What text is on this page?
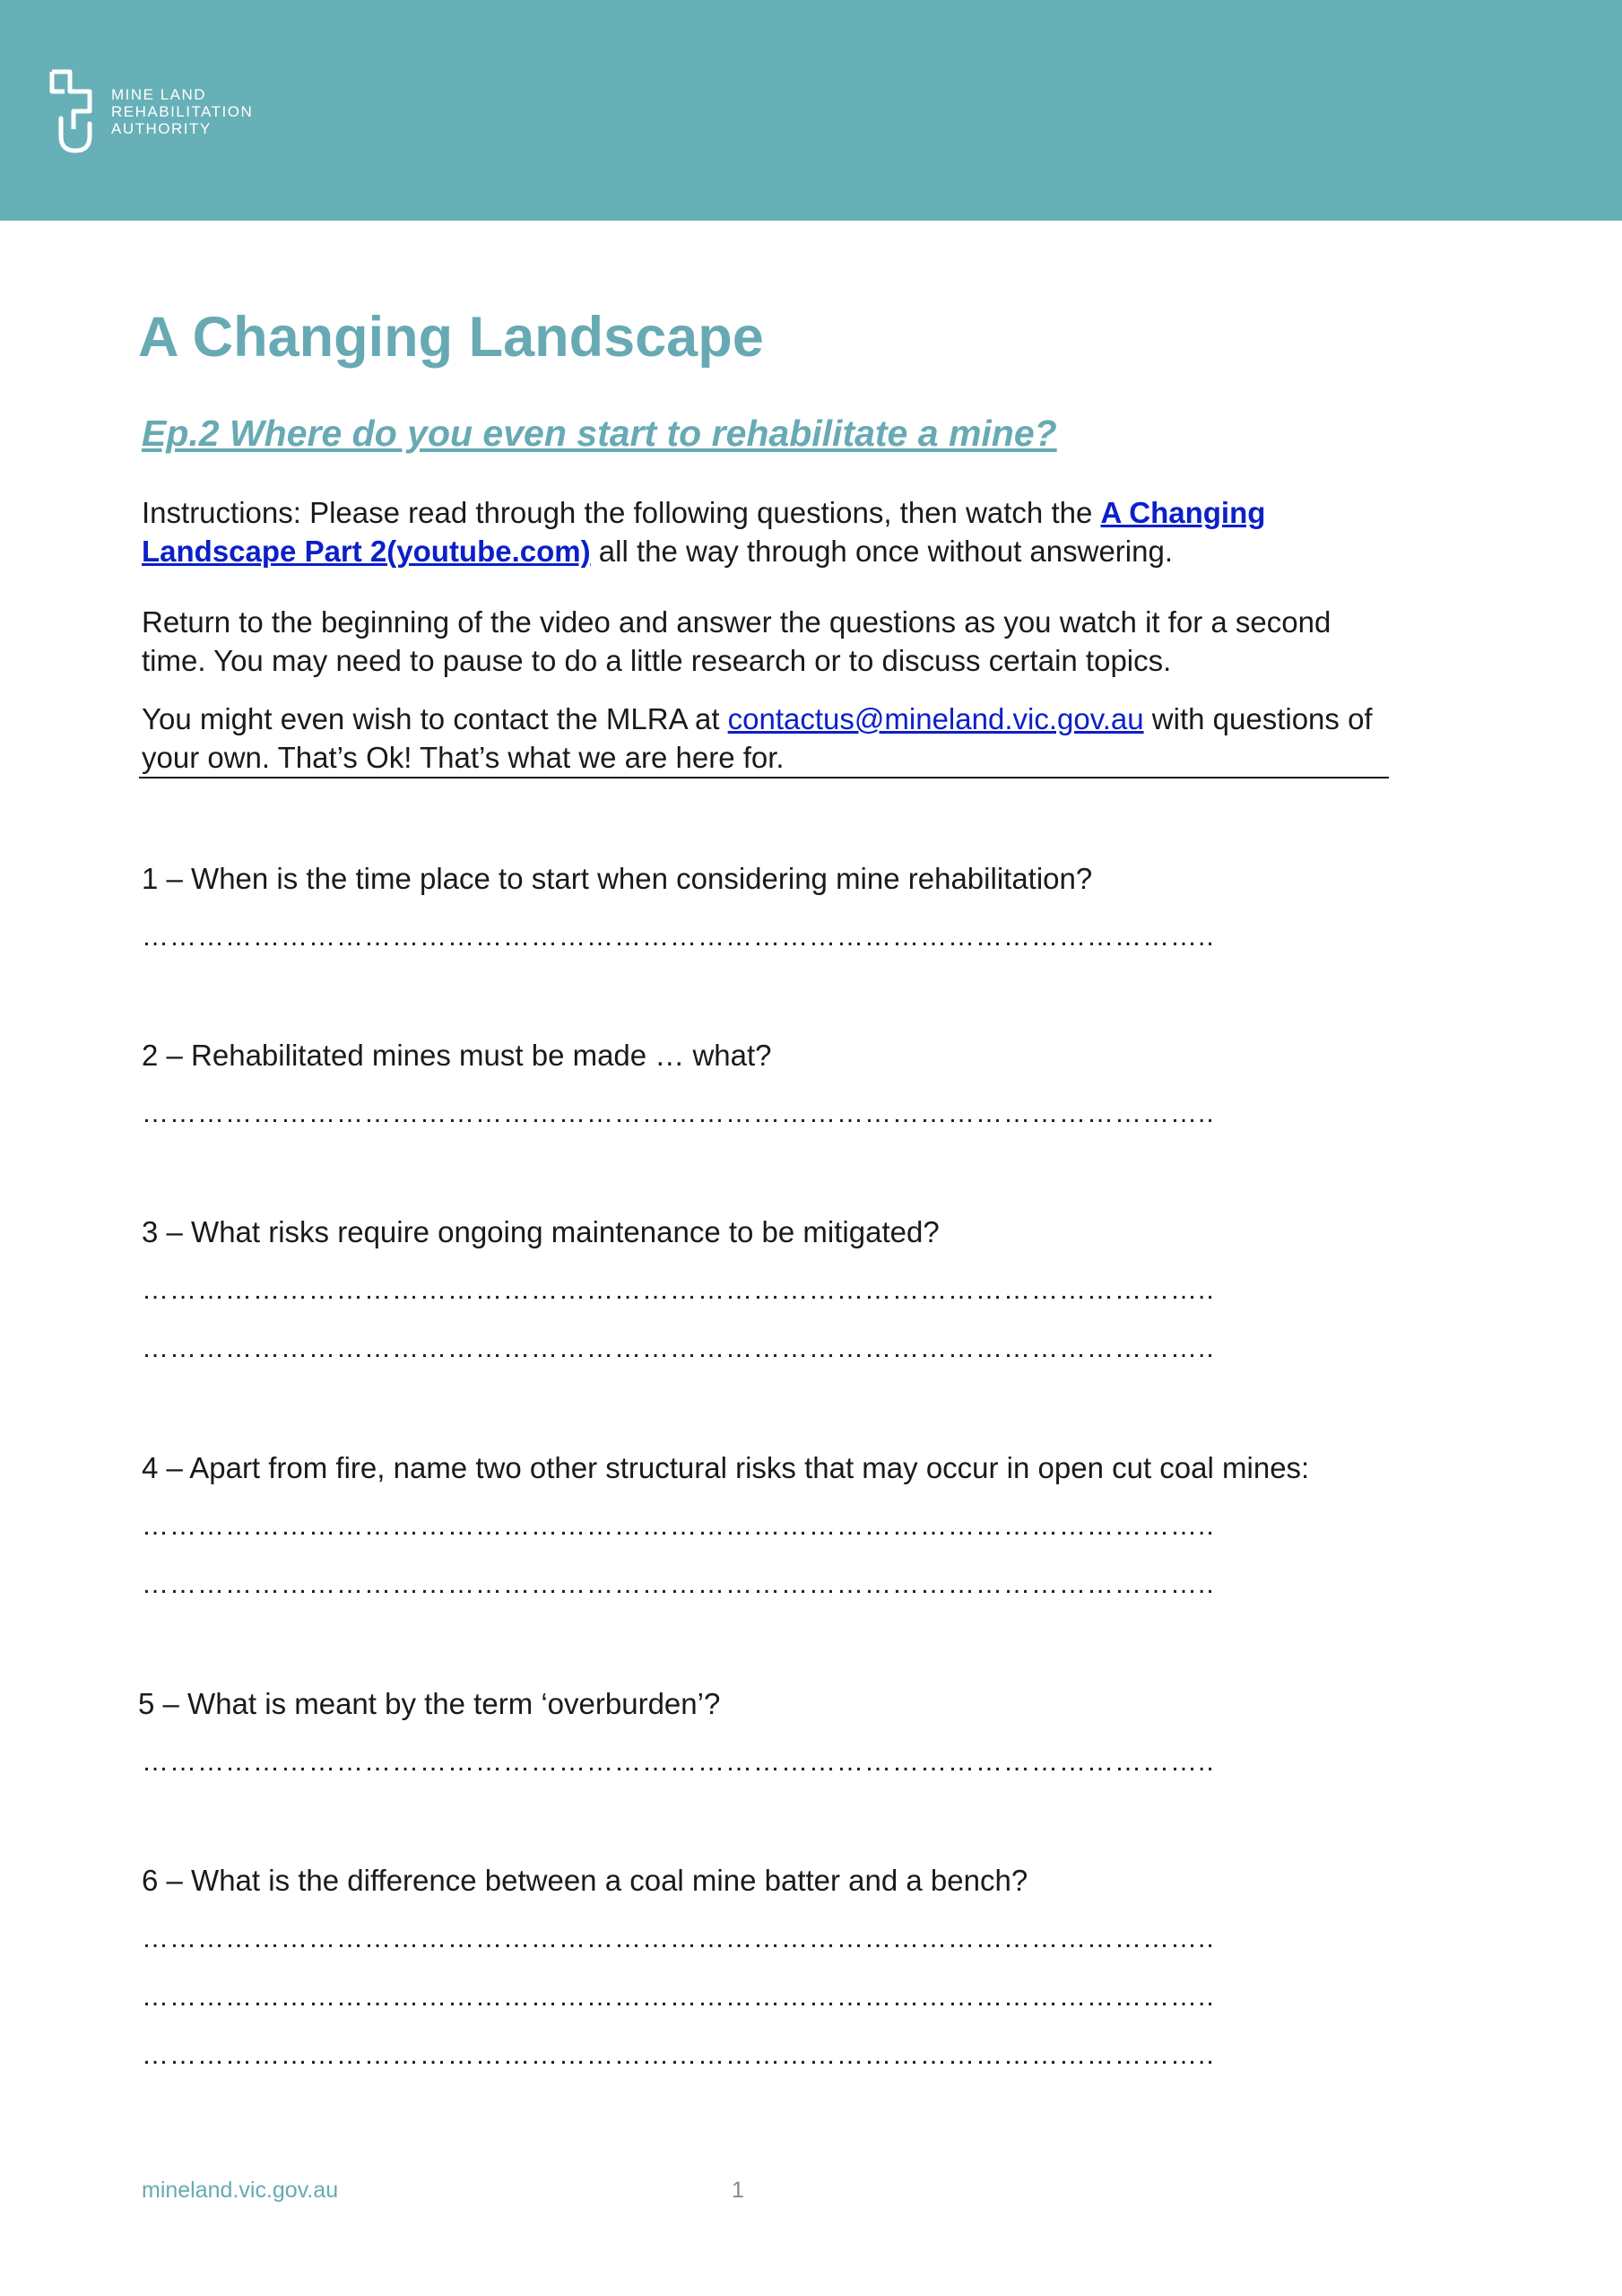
MINE LAND
REHABILITATION
AUTHORITY
A Changing Landscape
Ep.2 Where do you even start to rehabilitate a mine?

Instructions: Please read through the following questions, then watch the A Changing Landscape Part 2(youtube.com) all the way through once without answering.

Return to the beginning of the video and answer the questions as you watch it for a second time. You may need to pause to do a little research or to discuss certain topics.

You might even wish to contact the MLRA at contactus@mineland.vic.gov.au with questions of your own. That’s Ok! That’s what we are here for.

1 – When is the time place to start when considering mine rehabilitation?

……………………………………………………………………………………………………..

2 – Rehabilitated mines must be made … what?

……………………………………………………………………………………………………..

3 – What risks require ongoing maintenance to be mitigated?

……………………………………………………………………………………………………..

……………………………………………………………………………………………………..

4 – Apart from fire, name two other structural risks that may occur in open cut coal mines:

……………………………………………………………………………………………………..

……………………………………………………………………………………………………..

5 – What is meant by the term ‘overburden’?

……………………………………………………………………………………………………..

6 – What is the difference between a coal mine batter and a bench?

……………………………………………………………………………………………………..

……………………………………………………………………………………………………..

……………………………………………………………………………………………………..

mineland.vic.gov.au	1
